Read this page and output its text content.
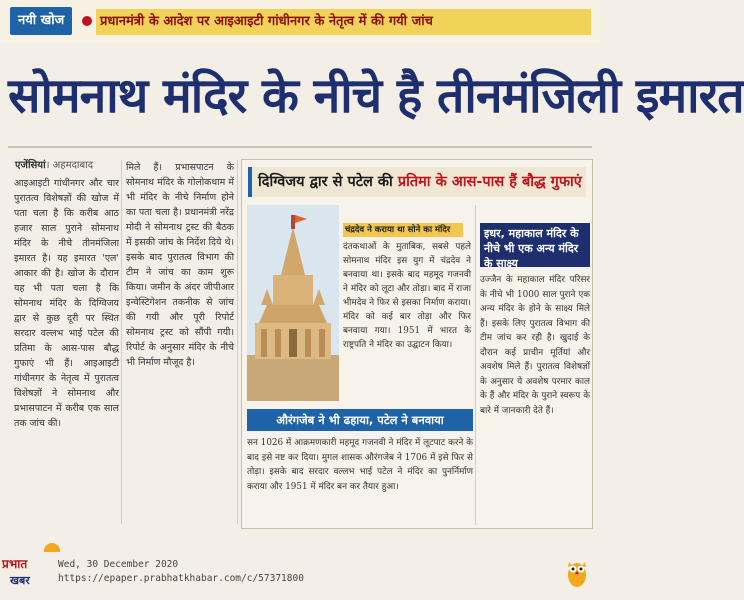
नयी खोज	प्रधानमंत्री के आदेश पर आइआइटी गांधीनगर के नेतृत्व में की गयी जांच
सोमनाथ मंदिर के नीचे है तीनमंजिली इमारत
एजेंसियां। अहमदाबाद
आइआइटी गांधीनगर और चार पुरातत्व विशेषज्ञों की खोज में पता चला है कि करीब आठ हजार साल पुराने सोमनाथ मंदिर के नीचे तीनमंजिला इमारत है। यह इमारत 'एल' आकार की है। खोज के दौरान यह भी पता चला है कि सोमनाथ मंदिर के दिग्विजय द्वार से कुछ दूरी पर स्थित सरदार वल्लभ भाई पटेल की प्रतिमा के आस-पास बौद्ध गुफाएं भी हैं। आइआइटी गांधीनगर के नेतृत्व में पुरातत्व विशेषज्ञों ने सोमनाथ और प्रभासपाटन में करीब एक साल तक जांच की।
मिले हैं। प्रभासपाटन के सोमनाथ मंदिर के गोलोकधाम में भी मंदिर के नीचे निर्माण होने का पता चला है। प्रधानमंत्री नरेंद्र मोदी ने सोमनाथ ट्रस्ट की बैठक में इसकी जांच के निर्देश दिये थे। इसके बाद पुरातत्व विभाग की टीम ने जांच का काम शुरू किया। जमीन के अंदर जीपीआर इन्वेस्टिगेशन तकनीक से जांच की गयी और पूरी रिपोर्ट सोमनाथ ट्रस्ट को सौंपी गयी। रिपोर्ट के अनुसार मंदिर के नीचे भी निर्माण मौजूद है।
दिग्विजय द्वार से पटेल की प्रतिमा के आस-पास हैं बौद्ध गुफाएं
चंद्रदेव ने कराया था सोने का मंदिर
दंतकथाओं के मुताबिक, सबसे पहले सोमनाथ मंदिर इस युग में चंद्रदेव ने बनवाया था। इसके बाद महमूद गजनवी ने मंदिर को लूटा और तोड़ा। बाद में राजा भीमदेव ने फिर से इसका निर्माण कराया। मंदिर को कई बार तोड़ा और फिर बनवाया गया। 1951 में भारत के राष्ट्रपति ने मंदिर का उद्घाटन किया।
इधर, महाकाल मंदिर के नीचे भी एक अन्य मंदिर के साक्ष्य
उज्जैन के महाकाल मंदिर परिसर के नीचे भी 1000 साल पुराने एक अन्य मंदिर के होने के साक्ष्य मिले हैं। इसके लिए पुरातत्व विभाग की टीम जांच कर रही है। खुदाई के दौरान कई प्राचीन मूर्तियां और अवशेष मिले हैं। पुरातत्व विशेषज्ञों के अनुसार ये अवशेष परमार काल के हैं और मंदिर के पुराने स्वरूप के बारे में जानकारी देते हैं।
औरंगजेब ने भी ढहाया, पटेल ने बनवाया
सन 1026 में आक्रमणकारी महमूद गजनवी ने मंदिर में लूटपाट करने के बाद इसे नष्ट कर दिया। मुगल शासक औरंगजेब ने 1706 में इसे फिर से तोड़ा। इसके बाद सरदार वल्लभ भाई पटेल ने मंदिर का पुनर्निर्माण कराया और 1951 में मंदिर बन कर तैयार हुआ।
प्रभात	Wed, 30 December 2020
https://epaper.prabhatkhabar.com/c/57371800
खबर
